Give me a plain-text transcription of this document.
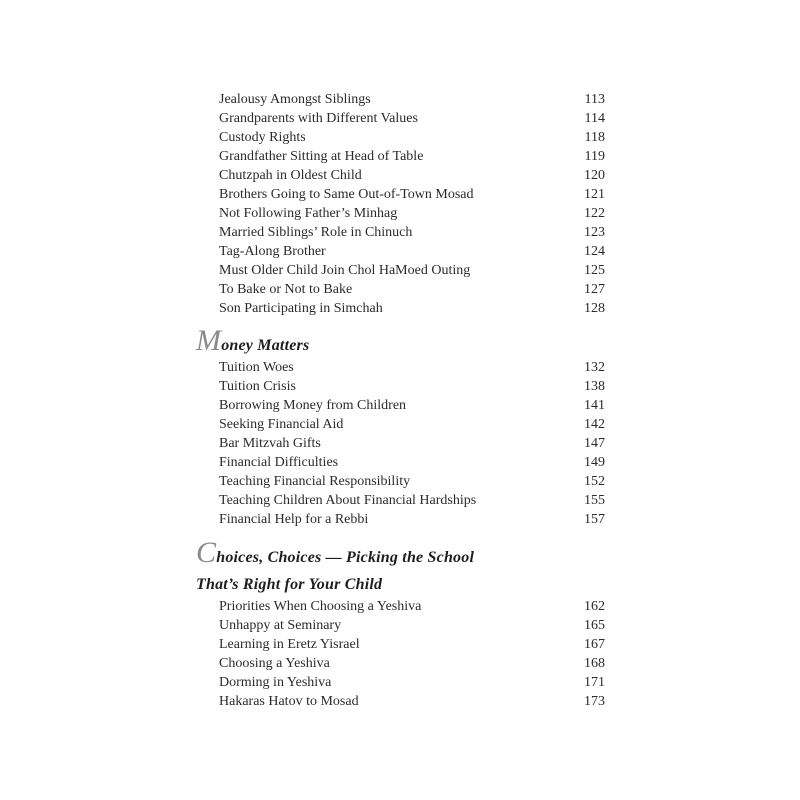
Jealousy Amongst Siblings	113
Grandparents with Different Values	114
Custody Rights	118
Grandfather Sitting at Head of Table	119
Chutzpah in Oldest Child	120
Brothers Going to Same Out-of-Town Mosad	121
Not Following Father’s Minhag	122
Married Siblings’ Role in Chinuch	123
Tag-Along Brother	124
Must Older Child Join Chol HaMoed Outing	125
To Bake or Not to Bake	127
Son Participating in Simchah	128
Money Matters
Tuition Woes	132
Tuition Crisis	138
Borrowing Money from Children	141
Seeking Financial Aid	142
Bar Mitzvah Gifts	147
Financial Difficulties	149
Teaching Financial Responsibility	152
Teaching Children About Financial Hardships	155
Financial Help for a Rebbi	157
Choices, Choices — Picking the School
That’s Right for Your Child
Priorities When Choosing a Yeshiva	162
Unhappy at Seminary	165
Learning in Eretz Yisrael	167
Choosing a Yeshiva	168
Dorming in Yeshiva	171
Hakaras Hatov to Mosad	173
